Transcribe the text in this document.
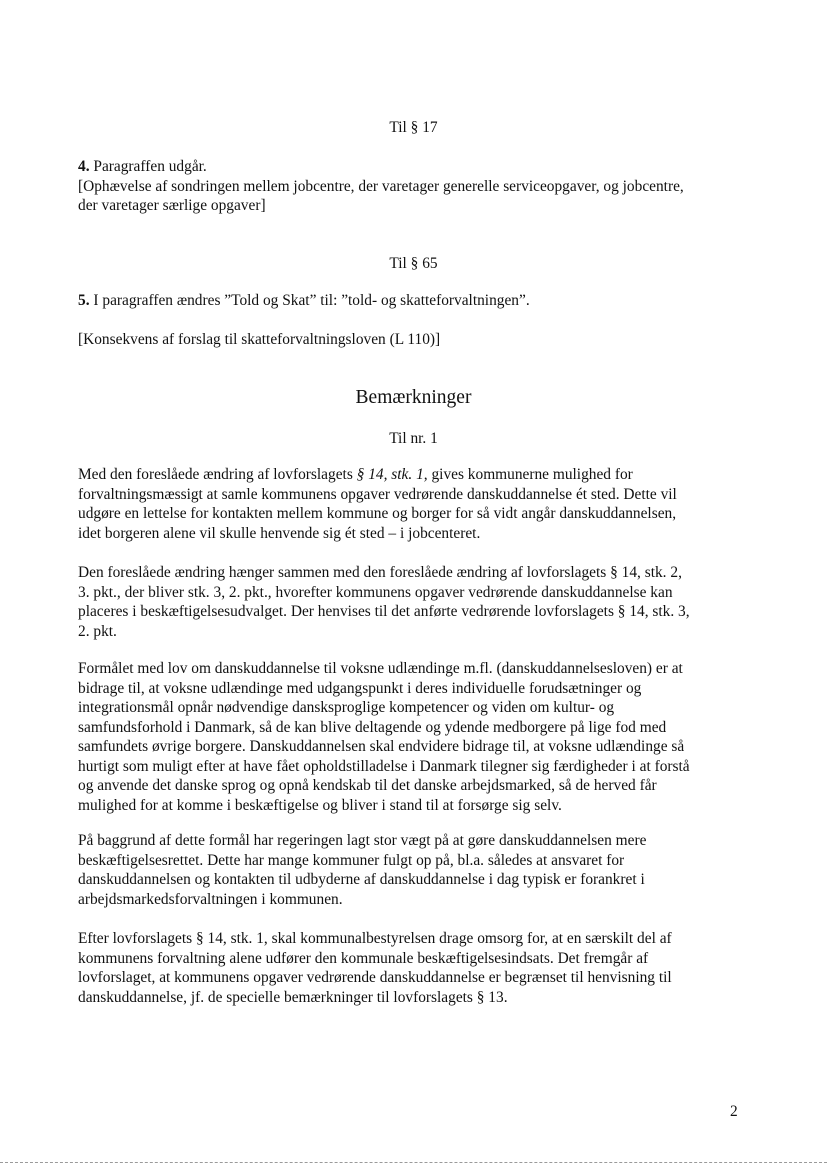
Til § 17
4. Paragraffen udgår.
[Ophævelse af sondringen mellem jobcentre, der varetager generelle serviceopgaver, og jobcentre,
der varetager særlige opgaver]
Til § 65
5. I paragraffen ændres ”Told og Skat” til: ”told- og skatteforvaltningen”.
[Konsekvens af forslag til skatteforvaltningsloven (L 110)]
Bemærkninger
Til nr. 1
Med den foreslåede ændring af lovforslagets § 14, stk. 1, gives kommunerne mulighed for
forvaltningsmæssigt at samle kommunens opgaver vedrørende danskuddannelse ét sted. Dette vil
udgøre en lettelse for kontakten mellem kommune og borger for så vidt angår danskuddannelsen,
idet borgeren alene vil skulle henvende sig ét sted – i jobcenteret.
Den foreslåede ændring hænger sammen med den foreslåede ændring af lovforslagets § 14, stk. 2,
3. pkt., der bliver stk. 3, 2. pkt., hvorefter kommunens opgaver vedrørende danskuddannelse kan
placeres i beskæftigelsesudvalget. Der henvises til det anførte vedrørende lovforslagets § 14, stk. 3,
2. pkt.
Formålet med lov om danskuddannelse til voksne udlændinge m.fl. (danskuddannelsesloven) er at
bidrage til, at voksne udlændinge med udgangspunkt i deres individuelle forudsætninger og
integrationsmål opnår nødvendige dansksproglige kompetencer og viden om kultur- og
samfundsforhold i Danmark, så de kan blive deltagende og ydende medborgere på lige fod med
samfundets øvrige borgere. Danskuddannelsen skal endvidere bidrage til, at voksne udlændinge så
hurtigt som muligt efter at have fået opholdstilladelse i Danmark tilegner sig færdigheder i at forstå
og anvende det danske sprog og opnå kendskab til det danske arbejdsmarked, så de herved får
mulighed for at komme i beskæftigelse og bliver i stand til at forsørge sig selv.
På baggrund af dette formål har regeringen lagt stor vægt på at gøre danskuddannelsen mere
beskæftigelsesrettet. Dette har mange kommuner fulgt op på, bl.a. således at ansvaret for
danskuddannelsen og kontakten til udbyderne af danskuddannelse i dag typisk er forankret i
arbejdsmarkedsforvaltningen i kommunen.
Efter lovforslagets § 14, stk. 1, skal kommunalbestyrelsen drage omsorg for, at en særskilt del af
kommunens forvaltning alene udfører den kommunale beskæftigelsesindsats. Det fremgår af
lovforslaget, at kommunens opgaver vedrørende danskuddannelse er begrænset til henvisning til
danskuddannelse, jf. de specielle bemærkninger til lovforslagets § 13.
2
